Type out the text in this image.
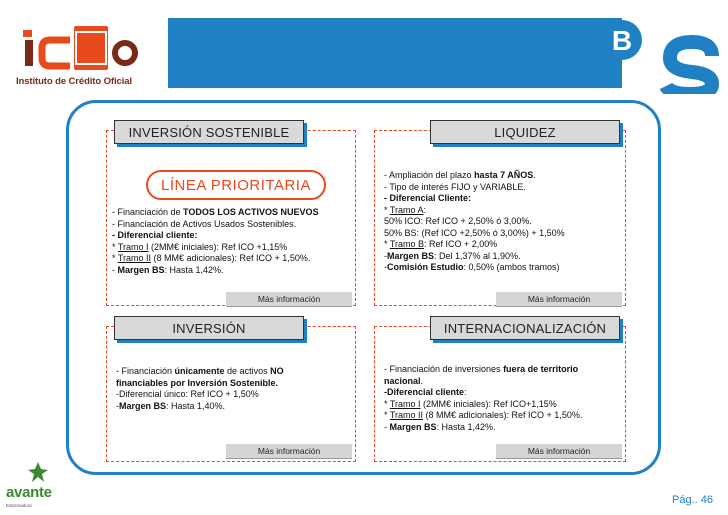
Instituto de Crédito Oficial
B
INVERSIÓN SOSTENIBLE
LÍNEA PRIORITARIA
- Financiación de TODOS LOS ACTIVOS NUEVOS
- Financiación de Activos Usados Sostenibles.
- Diferencial cliente:
* Tramo I (2MM€ iniciales): Ref ICO +1,15%
* Tramo II (8 MM€ adicionales): Ref ICO + 1,50%.
- Margen BS: Hasta 1,42%.
Más información
LIQUIDEZ
- Ampliación del plazo hasta 7 AÑOS.
- Tipo de interés FIJO y VARIABLE.
- Diferencial Cliente:
* Tramo A:
50% ICO: Ref ICO + 2,50% ó 3,00%.
50% BS: (Ref ICO +2,50% ó 3,00%) + 1,50%
* Tramo B: Ref ICO + 2,00%
-Margen BS: Del 1,37% al 1,90%.
-Comisión Estudio: 0,50% (ambos tramos)
Más información
INVERSIÓN
- Financiación únicamente de activos NO
financiables por Inversión Sostenible.
-Diferencial único: Ref ICO + 1,50%
-Margen BS: Hasta 1,40%.
Más información
INTERNACIONALIZACIÓN
- Financiación de inversiones fuera de territorio
nacional.
-Diferencial cliente:
* Tramo I (2MM€ iniciales): Ref ICO+1,15%
* Tramo II (8 MM€ adicionales): Ref ICO + 1,50%.
- Margen BS: Hasta 1,42%.
Más información
avante
Extremadura	Pág.. 46
